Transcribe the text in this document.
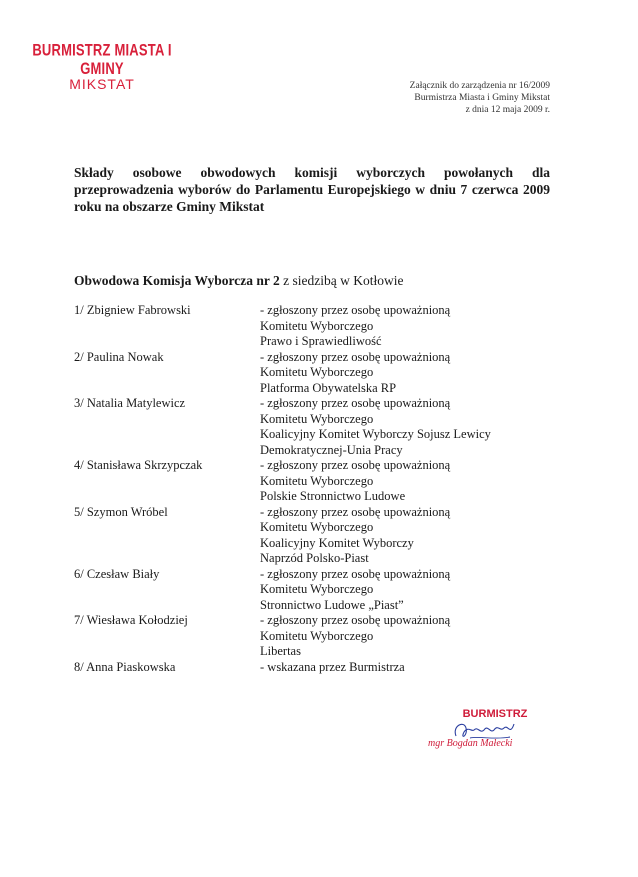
BURMISTRZ MIASTA I GMINY
MIKSTAT	Załącznik do zarządzenia nr 16/2009
Burmistrza Miasta i Gminy Mikstat
z dnia 12 maja 2009 r.
Składy osobowe obwodowych komisji wyborczych powołanych dla przeprowadzenia wyborów do Parlamentu Europejskiego w dniu 7 czerwca 2009 roku na obszarze Gminy Mikstat
Obwodowa Komisja Wyborcza nr 2 z siedzibą w Kotłowie
1/ Zbigniew Fabrowski	- zgłoszony przez osobę upoważnioną
Komitetu Wyborczego
Prawo i Sprawiedliwość
2/ Paulina Nowak	- zgłoszony przez osobę upoważnioną
Komitetu Wyborczego
Platforma Obywatelska RP
3/ Natalia Matylewicz	- zgłoszony przez osobę upoważnioną
Komitetu Wyborczego
Koalicyjny Komitet Wyborczy Sojusz Lewicy
Demokratycznej-Unia Pracy
4/ Stanisława Skrzypczak	- zgłoszony przez osobę upoważnioną
Komitetu Wyborczego
Polskie Stronnictwo Ludowe
5/ Szymon Wróbel	- zgłoszony przez osobę upoważnioną
Komitetu Wyborczego
Koalicyjny Komitet Wyborczy
Naprzód Polsko-Piast
6/ Czesław Biały	- zgłoszony przez osobę upoważnioną
Komitetu Wyborczego
Stronnictwo Ludowe „Piast”
7/ Wiesława Kołodziej	- zgłoszony przez osobę upoważnioną
Komitetu Wyborczego
Libertas
8/ Anna Piaskowska	- wskazana przez Burmistrza
BURMISTRZ
mgr Bogdan Małecki
